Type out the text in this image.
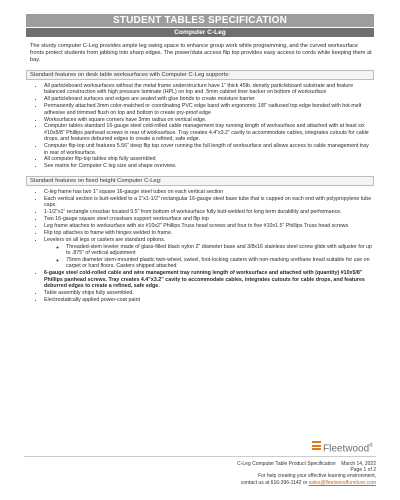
STUDENT TABLES SPECIFICATION
Computer C-Leg

The sturdy computer C-Leg provides ample leg swing space to enhance group work while programming, and the curved worksurface fronts protect students from jabbing into sharp edges. The power/data access flip top provides easy access to cords while keeping them at bay.

Standard features on desk table worksurfaces with Computer C-Leg supports:
• All particleboard worksurfaces without the metal frame understructure have 1” thick 45lb. density particleboard substrate and feature balanced construction with high pressure laminate (HPL) on top and .5mm cabinet liner backer on bottom of worksurface
• All particleboard surfaces and edges are sealed with glue bonds to create moisture barrier
• Permanently attached 3mm color-matched or coordinating PVC edge band with ergonomic 1/8” radiused top edge bonded with hot-melt adhesive and trimmed flush on top and bottom to create pry-proof edge
• Worksurfaces with square corners have 3mm radius on vertical edge.
• Computer tables standard 16-gauge steel cold-rolled cable management tray running length of worksurface and attached with at least six #10x5/8” Phillips panhead screws in rear of worksurface. Tray creates 4.4”x3.2” cavity to accommodate cables, integrates cutouts for cable drops, and features deburred edges to create a refined, safe edge.
• Computer flip-top unit features 5.56” deep flip top cover running the full length of worksurface and allows access to cable management tray in rear of worksurface.
• All computer flip-top tables ship fully assembled
• See matrix for Computer C leg size and shape overview.
Standard features on fixed height Computer C-Leg:
• C-leg frame has two 1” square 16-gauge steel tubes on each vertical section
• Each vertical section is butt-welded to a 1”x1-1/2” rectangular 16-gauge steel base tube that is capped on each end with polypropylene tube caps.
• 1-1/2”x1” rectangle crossbar located 9.5” from bottom of worksurface fully butt-welded for long term durability and performance.
• Two 16-gauge square steel crossbars support worksurface and flip top
• Leg frame attaches to worksurface with six #10x2” Phillips Truss head screws and four to five #10x1.5” Phillips Truss head screws
• Flip top attaches to frame with hinges welded to frame.
• Levelers on all legs or casters are standard options.
◦ Threaded-stem leveler made of glass-filled black nylon 2” diameter base and 3/8x16 stainless steel screw glide with adjuster for up to .875” of vertical adjustment
◦ 75mm diameter stem-mounted plastic twin-wheel, swivel, foot-locking casters with non-marking urethane tread suitable for use on carpet or hard floors. Casters shipped attached
• 6-gauge steel cold-rolled cable and wire management tray running length of worksurface and attached with (quantity) #10x5/8” Phillips panhead screws. Tray creates 4.4”x3.2” cavity to accommodate cables, integrates cutouts for cable drops, and features deburred edges to create a refined, safe edge.
• Table assembly ships fully assembled.
• Electrostatically applied power-coat paint
Fleetwood®
C-Leg Computer Table Product Specification March 14, 2022
Page 1 of 2
For help creating your effective learning environment,
contact us at 616-396-1142 or sales@fleetwoodfurniture.com
